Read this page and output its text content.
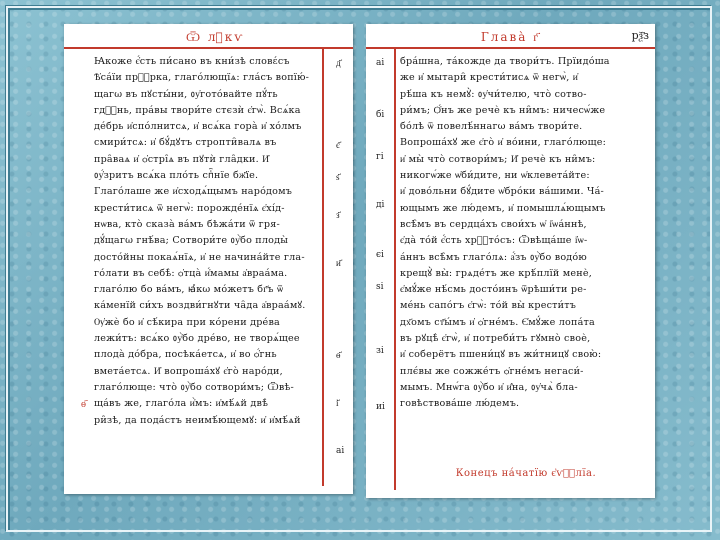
Ѿ лⷨкѵ
Ꙗкоже є҆́сть пи́сано въ кни́зѣ словέсъ
Ѣ҆са́їи прⷪ҇рка, глаго́лющїѧ: гла́съ вопїю́-
щагω въ пꙋсты́ни, ᲂу҆гото́вайте пꙋ́ть
гдⷭ҇нь, пра́вы твори́те стєзѝ є҆гѡ̀. Всѧ́ка
де́брь и҆спо́лнитсѧ, и҆ всѧ́ка гора̀ и҆ хо́лмъ
смири́тсѧ: и҆ бꙋ́дꙋтъ стропти̑валѧ въ
пра̑ваѧ и҆ ѻ҆стрі̑ѧ въ пꙋтѝ гла̑дки. И҆
ᲂу҆́зритъ всѧ́ка пло́ть спⷭ҇нїе бж҃їе.
Глаго́лаше же и҆сходѧ́щымъ наро́домъ
крести́тисѧ ѿ негѡ̀: порожде́нїѧ є҆хі́д-
нѡва, кто̀ сказа̀ ва́мъ бѣжа́ти ѿ гря-
дꙋ́щагω гнѣ́ва; Сотвори́те ᲂу҆̀бо плоды̀
досто́йны покаѧ́нїѧ, и҆ не начина́йте гла-
го́лати въ себѣ̀: ѻ҆тца̀ и҆́мамы а҆враа́ма.
глаго́лю бо ва́мъ, ꙗ҆́кω мо́жетъ бг҃ъ ѿ
ка́менїй си́хъ воздви́гнꙋти ча̑да а҆враа́мꙋ.
Ѹ҆жѐ бо и҆ сѣ́кира при ко́рени дре́ва
лежи́тъ: всѧ́ко ᲂу҆̀бо дре́во, не творѧ́щее
плода̀ до́бра, посѣка́етсѧ, и҆ во ѻ҆́гнь
вмета́етсѧ. И҆ вопроша́хꙋ є҆го̀ наро́ди,
глаго́люще: что̀ ᲂу҆̀бо сотвори́мъ; Ѿвѣ-
ща́въ же, глаго́ла и҆̀мъ: и҆мѣ́ѧй двѣ̀
ри̑зѣ, да пода́стъ неимѣ́ющемꙋ: и҆ и҆мѣ́ѧй
д҃
є҃
ѕ҃
з҃
и҃
ѳ҃
і҃
аі
ѳ҃
Глава̀ г҃	рѯ҃з
бра́шна, та́кожде да твори́тъ. Прїидо́ша
же и҆ мытари̑ крести́тисѧ ѿ негѡ̀, и҆
рѣ́ша къ немꙋ̀: ᲂу҆чи́телю, что̀ сотво-
ри́мъ; Ѻ҆́нъ же речѐ къ ни̑мъ: ничесѡ́же
бо́лѣ ѿ повелѣ́ннагω ва́мъ твори́те.
Вопроша́хꙋ же є҆го̀ и҆ во́ини, глаго́люще:
и҆ мы̀ что̀ сотвори́мъ; И҆ речѐ къ ни̑мъ:
никогѡ́же ѡ҆би́дите, ни ѡ҆клевета́йте:
и҆ дово́льни бꙋ́дите ѡ҆бро́ки ва́шими. Ча́-
ющымъ же лю́демъ, и҆ помышлѧ́ющымъ
всѣ̑мъ въ сердца́хъ свои́хъ ѡ҆ і҆ѡа́ннѣ,
є҆да̀ то́й є҆́сть хрⷭ҇то́съ: Ѿвѣща́ше і҆ѡ-
а́ннъ всѣ̑мъ глаго́лѧ: а҆́зъ ᲂу҆̀бо водо́ю
крещꙋ̀ вы̀: грѧде́тъ же крѣ́плїй менѐ,
є҆мꙋ́же нѣ́смь досто́инъ ѿрѣши́ти ре-
ме́нь сапо́гъ є҆гѡ̀: то́й вы̀ крести́тъ
дх҃омъ ст҃ы́мъ и҆ ѻ҆гне́мъ. Є҆мꙋ́же лопа́та
въ рꙋцѣ̀ є҆гѡ̀, и҆ потреби́тъ гꙋмно̀ своѐ,
и҆ соберётъ пшени́цꙋ въ жи́тницꙋ свою̀:
плє́вы же сожже́тъ ѻ҆гне́мъ негаси́-
мымъ. Мнѡ́га ᲂу҆̀бо и҆ и҆̑на, ᲂу҆чѧ̀ бла-
говѣствова́ше лю́демъ.
Конецъ на́чатїю є҆ѵⷢ҇лїа.
аі
бі
гі
ді
єі
ѕі
зі
иі
